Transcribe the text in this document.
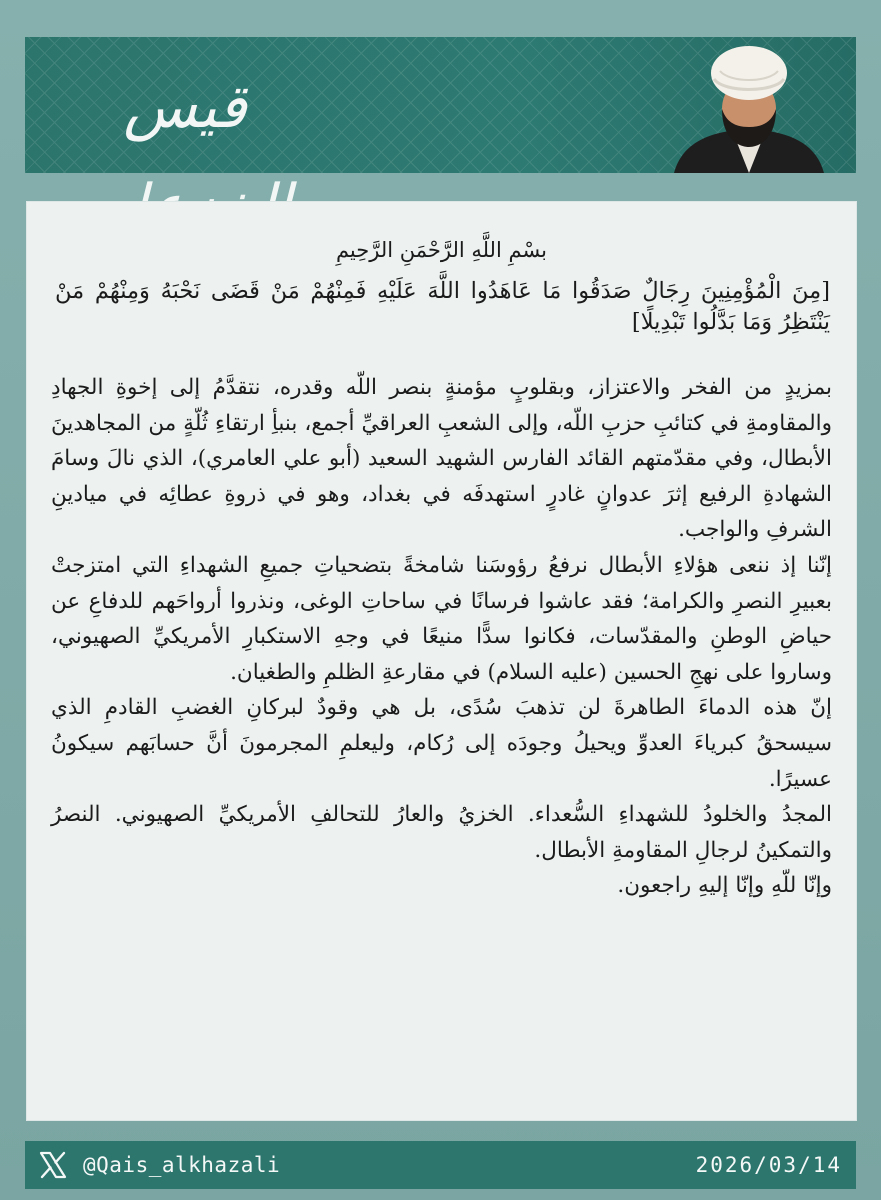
قيس
بسْمِ اللَّهِ الرَّحْمَنِ الرَّحِيمِ
[مِنَ الْمُؤْمِنِينَ رِجَالٌ صَدَقُوا مَا عَاهَدُوا اللَّهَ عَلَيْهِ فَمِنْهُمْ مَنْ قَضَى نَحْبَهُ وَمِنْهُمْ مَنْ يَنْتَظِرُ وَمَا بَدَّلُوا تَبْدِيلًا]

بمزيدٍ من الفخر والاعتزاز، وبقلوبٍ مؤمنةٍ بنصر اللّه وقدره، نتقدَّمُ إلى إخوةِ الجهادِ والمقاومةِ في كتائبِ حزبِ اللّه، وإلى الشعبِ العراقيِّ أجمع، بنبأِ ارتقاءِ ثُلّةٍ من المجاهدينَ الأبطال، وفي مقدّمتهم القائد الفارس الشهيد السعيد (أبو علي العامري)، الذي نالَ وسامَ الشهادةِ الرفيع إثرَ عدوانٍ غادرٍ استهدفَه في بغداد، وهو في ذروةِ عطائِه في ميادينِ الشرفِ والواجب.

إنّنا إذ ننعى هؤلاءِ الأبطال نرفعُ رؤوسَنا شامخةً بتضحياتِ جميعِ الشهداءِ التي امتزجتْ بعبيرِ النصرِ والكرامة؛ فقد عاشوا فرسانًا في ساحاتِ الوغى، ونذروا أرواحَهم للدفاعِ عن حياضِ الوطنِ والمقدّسات، فكانوا سدًّا منيعًا في وجهِ الاستكبارِ الأمريكيِّ الصهيوني، وساروا على نهجِ الحسين (عليه السلام) في مقارعةِ الظلمِ والطغيان.

إنّ هذه الدماءَ الطاهرةَ لن تذهبَ سُدًى، بل هي وقودٌ لبركانِ الغضبِ القادمِ الذي سيسحقُ كبرياءَ العدوِّ ويحيلُ وجودَه إلى رُكام، وليعلمِ المجرمونَ أنَّ حسابَهم سيكونُ عسيرًا.

المجدُ والخلودُ للشهداءِ السُّعداء. الخزيُ والعارُ للتحالفِ الأمريكيِّ الصهيوني. النصرُ والتمكينُ لرجالِ المقاومةِ الأبطال.

وإنّا للّهِ وإنّا إليهِ راجعون.

@Qais_alkhazali	2026/03/14
